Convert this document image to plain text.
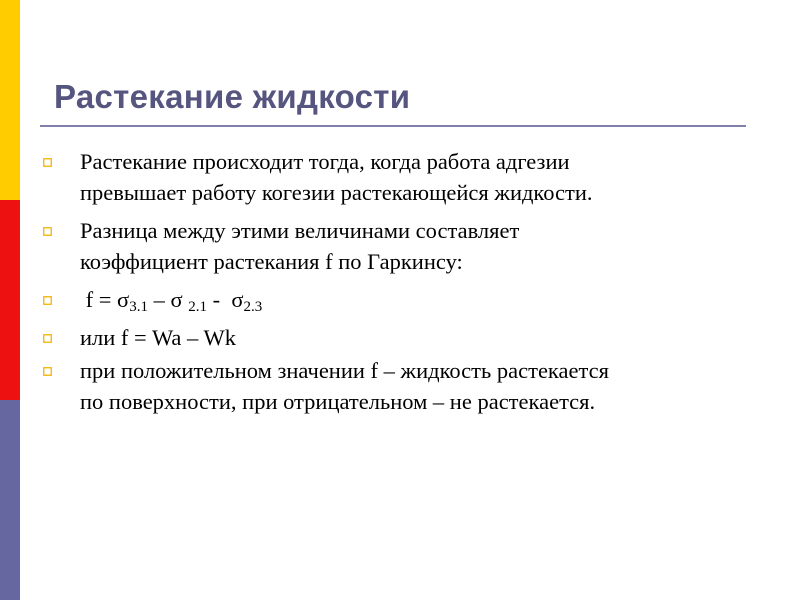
Растекание жидкости
Растекание происходит тогда, когда работа адгезии
превышает работу когезии растекающейся жидкости.
Разница между этими величинами составляет
коэффициент растекания f по Гаркинсу:
$f = \sigma_{3.1} - \sigma$ $_{2.1} - \sigma_{2.3}$
или f = Wa – Wk
при положительном значении f – жидкость растекается
по поверхности, при отрицательном – не растекается.
